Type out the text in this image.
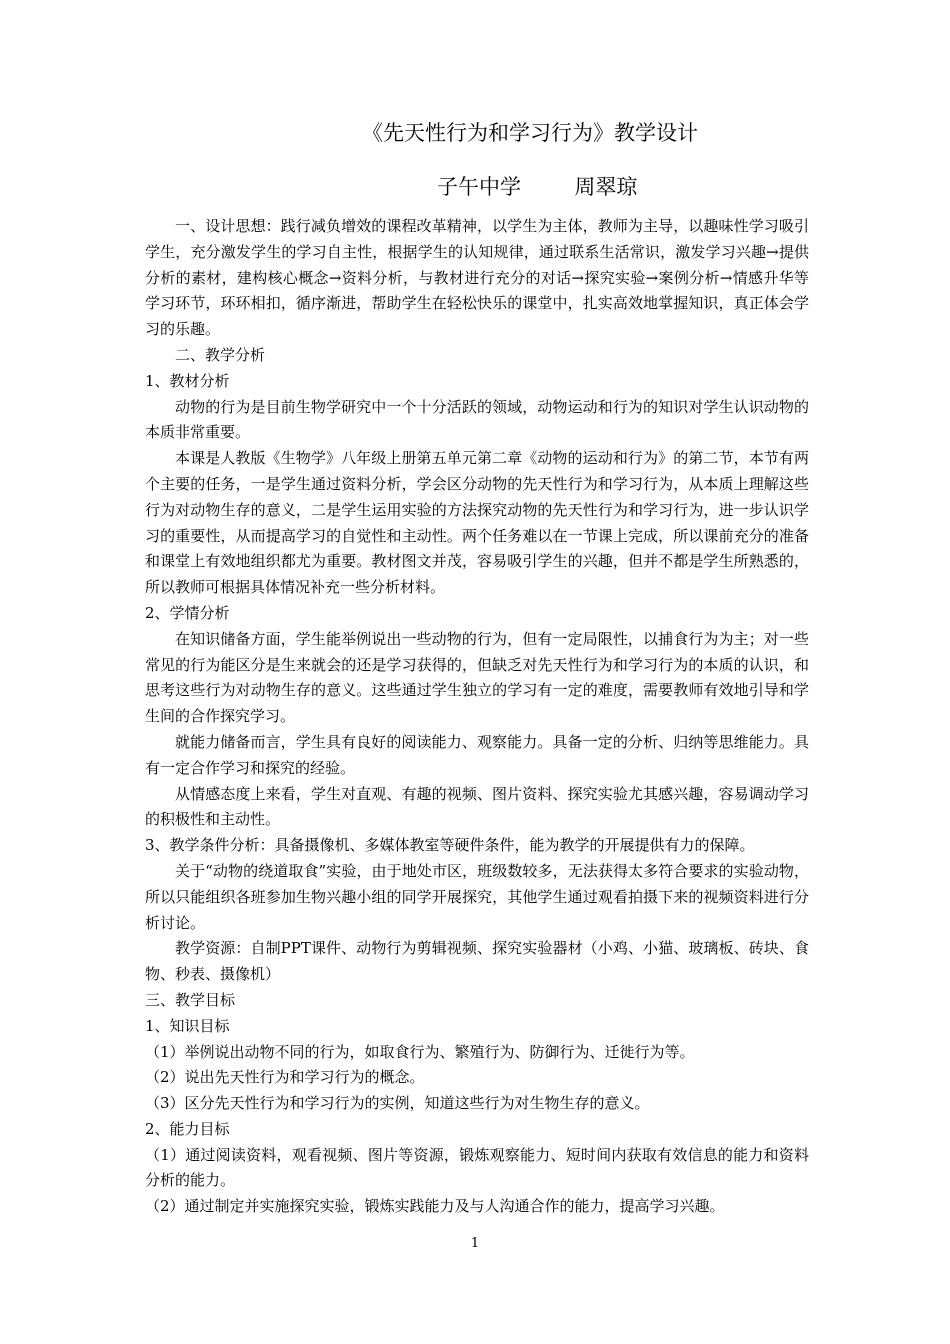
《先天性行为和学习行为》教学设计
子午中学        周翠琼

一、设计思想：践行减负增效的课程改革精神，以学生为主体，教师为主导，以趣味性学习吸引学生，充分激发学生的学习自主性，根据学生的认知规律，通过联系生活常识，激发学习兴趣→提供分析的素材，建构核心概念→资料分析，与教材进行充分的对话→探究实验→案例分析→情感升华等学习环节，环环相扣，循序渐进，帮助学生在轻松快乐的课堂中，扎实高效地掌握知识，真正体会学习的乐趣。

二、教学分析

1、教材分析

动物的行为是目前生物学研究中一个十分活跃的领域，动物运动和行为的知识对学生认识动物的本质非常重要。

本课是人教版《生物学》八年级上册第五单元第二章《动物的运动和行为》的第二节，本节有两个主要的任务，一是学生通过资料分析，学会区分动物的先天性行为和学习行为，从本质上理解这些行为对动物生存的意义，二是学生运用实验的方法探究动物的先天性行为和学习行为，进一步认识学习的重要性，从而提高学习的自觉性和主动性。两个任务难以在一节课上完成，所以课前充分的准备和课堂上有效地组织都尤为重要。教材图文并茂，容易吸引学生的兴趣，但并不都是学生所熟悉的，所以教师可根据具体情况补充一些分析材料。

2、学情分析

在知识储备方面，学生能举例说出一些动物的行为，但有一定局限性，以捕食行为为主；对一些常见的行为能区分是生来就会的还是学习获得的，但缺乏对先天性行为和学习行为的本质的认识，和思考这些行为对动物生存的意义。这些通过学生独立的学习有一定的难度，需要教师有效地引导和学生间的合作探究学习。

就能力储备而言，学生具有良好的阅读能力、观察能力。具备一定的分析、归纳等思维能力。具有一定合作学习和探究的经验。

从情感态度上来看，学生对直观、有趣的视频、图片资料、探究实验尤其感兴趣，容易调动学习的积极性和主动性。

3、教学条件分析：具备摄像机、多媒体教室等硬件条件，能为教学的开展提供有力的保障。

关于“动物的绕道取食”实验，由于地处市区，班级数较多，无法获得太多符合要求的实验动物，所以只能组织各班参加生物兴趣小组的同学开展探究，其他学生通过观看拍摄下来的视频资料进行分析讨论。

教学资源：自制PPT课件、动物行为剪辑视频、探究实验器材（小鸡、小猫、玻璃板、砖块、食物、秒表、摄像机）

三、教学目标

1、知识目标

（1）举例说出动物不同的行为，如取食行为、繁殖行为、防御行为、迁徙行为等。

（2）说出先天性行为和学习行为的概念。

（3）区分先天性行为和学习行为的实例，知道这些行为对生物生存的意义。

2、能力目标

（1）通过阅读资料，观看视频、图片等资源，锻炼观察能力、短时间内获取有效信息的能力和资料分析的能力。

（2）通过制定并实施探究实验，锻炼实践能力及与人沟通合作的能力，提高学习兴趣。

1
